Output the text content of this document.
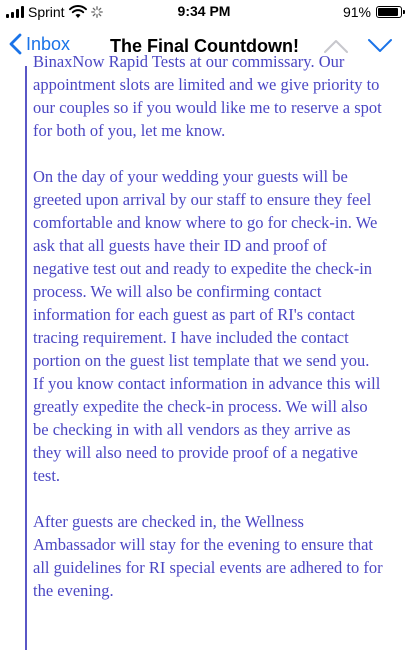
Sprint	9:34 PM	91%
Inbox The Final Countdown!

BinaxNow Rapid Tests at our commissary. Our appointment slots are limited and we give priority to our couples so if you would like me to reserve a spot for both of you, let me know.

On the day of your wedding your guests will be greeted upon arrival by our staff to ensure they feel comfortable and know where to go for check-in. We ask that all guests have their ID and proof of negative test out and ready to expedite the check-in process. We will also be confirming contact information for each guest as part of RI's contact tracing requirement. I have included the contact portion on the guest list template that we send you. If you know contact information in advance this will greatly expedite the check-in process. We will also be checking in with all vendors as they arrive as they will also need to provide proof of a negative test.

After guests are checked in, the Wellness Ambassador will stay for the evening to ensure that all guidelines for RI special events are adhered to for the evening.
